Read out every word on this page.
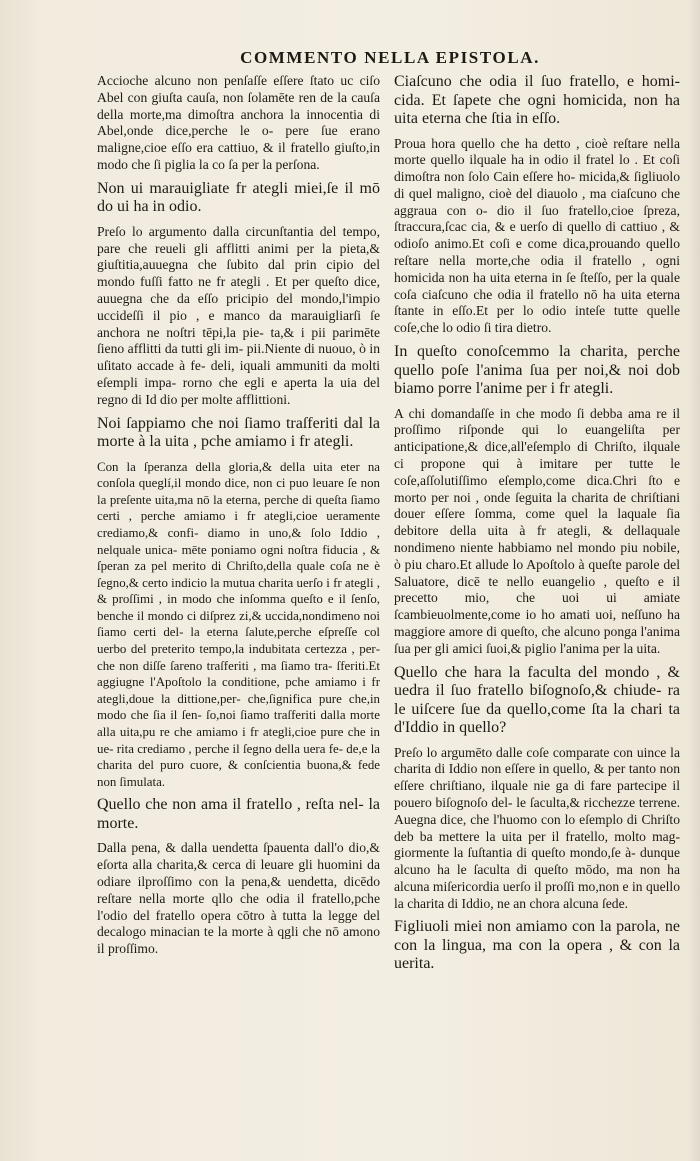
COMMENTO NELLA EPISTOLA.

Accioche alcuno non penſaſſe eſſere ſtato uc ciſo Abel con giuſta cauſa, non ſolamēte ren de la cauſa della morte,ma dimoſtra anchora la innocentia di Abel,onde dice,perche le o‑ pere ſue erano maligne,cioe eſſo era cattiuo, & il fratello giuſto,in modo che ſi piglia la co ſa per la perſona.

Non ui marauigliate fr ategli miei,ſe il mō do ui ha in odio.

Preſo lo argumento dalla circunſtantia del tempo, pare che reueli gli afflitti animi per la pieta,& giuſtitia,auuegna che ſubito dal prin cipio del mondo fuſſi fatto ne fr ategli . Et per queſto dice, auuegna che da eſſo pricipio del mondo,l'impio uccideſſi il pio , e manco da marauigliarſi ſe anchora ne noſtri tēpi,la pie‑ ta,& i pii parimēte ſieno afflitti da tutti gli im‑ pii.Niente di nuouo, ò in uſitato accade à fe‑ deli, iquali ammuniti da molti eſempli impa‑ rorno che egli e aperta la uia del regno di Id dio per molte afflittioni.

Noi ſappiamo che noi ſiamo traſferiti dal la morte à la uita , pche amiamo i fr ategli.

Con la ſperanza della gloria,& della uita eter na conſola queglí,il mondo dice, non ci puo leuare ſe non la preſente uita,ma nō la eterna, perche di queſta ſiamo certi , perche amiamo i fr ategli,cioe ueramente crediamo,& confi‑ diamo in uno,& ſolo Iddio , nelquale unica‑ mēte poniamo ogni noſtra fiducia , & ſperan za pel merito di Chriſto,della quale coſa ne è ſegno,& certo indicio la mutua charita uerſo i fr ategli , & proſſimi , in modo che inſomma queſto e il ſenſo, benche il mondo ci diſprez zi,& uccida,nondimeno noi ſiamo certi del‑ la eterna ſalute,perche eſpreſſe col uerbo del preterito tempo,la indubitata certezza , per‑ che non diſſe ſareno traſferiti , ma ſiamo tra‑ ſferiti.Et aggiugne l'Apoſtolo la conditione, pche amiamo i fr ategli,doue la dittione,per‑ che,ſignifica pure che,in modo che ſia il ſen‑ ſo,noi ſiamo traſferiti dalla morte alla uita,pu re che amiamo i fr ategli,cioe pure che in ue‑ rita crediamo , perche il ſegno della uera fe‑ de,e la charita del puro cuore, & conſcientia buona,& fede non ſimulata.

Quello che non ama il fratello , reſta nel‑ la morte.

Dalla pena, & dalla uendetta ſpauenta dall'o dio,& eſorta alla charita,& cerca di leuare gli huomini da odiare ilproſſimo con la pena,& uendetta, dicēdo reſtare nella morte qllo che odia il fratello,pche l'odio del fratello opera cōtro à tutta la legge del decalogo minacian te la morte à qgli che nō amono il proſſimo.

Ciaſcuno che odia il ſuo fratello, e homi‑ cida. Et ſapete che ogni homicida, non ha uita eterna che ſtia in eſſo.

Proua hora quello che ha detto , cioè reſtare nella morte quello ilquale ha in odio il fratel lo . Et coſi dimoſtra non ſolo Cain eſſere ho‑ micida,& ſigliuolo di quel maligno, cioè del diauolo , ma ciaſcuno che aggraua con o‑ dio il ſuo fratello,cioe ſpreza, ſtraccura,ſcac cia, & e uerſo di quello di cattiuo , & odioſo animo.Et coſi e come dica,prouando quello reſtare nella morte,che odia il fratello , ogni homicida non ha uita eterna in ſe ſteſſo, per la quale coſa ciaſcuno che odia il fratello nō ha uita eterna ſtante in eſſo.Et per lo odio inteſe tutte quelle coſe,che lo odio ſi tira dietro.

In queſto conoſcemmo la charita, perche quello poſe l'anima ſua per noi,& noi dob biamo porre l'anime per i fr ategli.

A chi domandaſſe in che modo ſi debba ama re il proſſimo riſponde qui lo euangeliſta per anticipatione,& dice,all'eſemplo di Chriſto, ilquale ci propone qui à imitare per tutte le coſe,aſſolutiſſimo eſemplo,come dica.Chri ſto e morto per noi , onde ſeguita la charita de chriſtiani douer eſſere ſomma, come quel la laquale ſia debitore della uita à fr ategli, & dellaquale nondimeno niente habbiamo nel mondo piu nobile, ò piu charo.Et allude lo Apoſtolo à queſte parole del Saluatore, dicē te nello euangelio , queſto e il precetto mio, che uoi ui amiate ſcambieuolmente,come io ho amati uoi, neſſuno ha maggiore amore di queſto, che alcuno ponga l'anima ſua per gli amici ſuoi,& piglio l'anima per la uita.

Quello che hara la faculta del mondo , & uedra il ſuo fratello biſognoſo,& chiude‑ ra le uiſcere ſue da quello,come ſta la chari ta d'Iddio in quello?

Preſo lo argumēto dalle coſe comparate con uince la charita di Iddio non eſſere in quello, & per tanto non eſſere chriſtiano, ilquale nie ga di fare partecipe il pouero biſognoſo del‑ le ſaculta,& ricchezze terrene. Auegna dice, che l'huomo con lo eſemplo di Chriſto deb ba mettere la uita per il fratello, molto mag‑ giormente la ſuſtantia di queſto mondo,ſe à‑ dunque alcuno ha le ſaculta di queſto mōdo, ma non ha alcuna miſericordia uerſo il proſſi mo,non e in quello la charita di Iddio, ne an chora alcuna ſede.

Figliuoli miei non amiamo con la parola, ne con la lingua, ma con la opera , & con la uerita.
